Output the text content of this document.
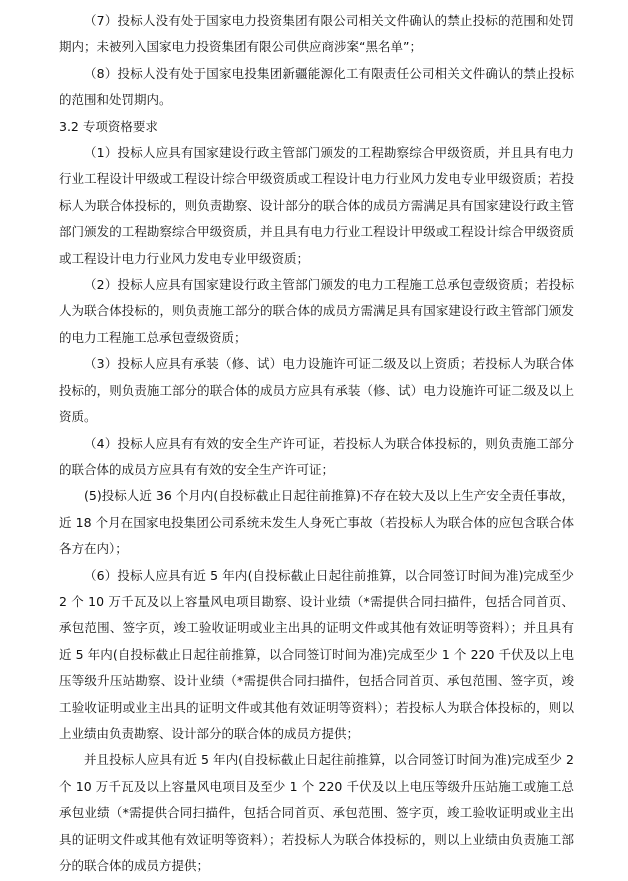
（7）投标人没有处于国家电力投资集团有限公司相关文件确认的禁止投标的范围和处罚期内；未被列入国家电力投资集团有限公司供应商涉案“黑名单”；

（8）投标人没有处于国家电投集团新疆能源化工有限责任公司相关文件确认的禁止投标的范围和处罚期内。

3.2 专项资格要求

（1）投标人应具有国家建设行政主管部门颁发的工程勘察综合甲级资质，并且具有电力行业工程设计甲级或工程设计综合甲级资质或工程设计电力行业风力发电专业甲级资质；若投标人为联合体投标的，则负责勘察、设计部分的联合体的成员方需满足具有国家建设行政主管部门颁发的工程勘察综合甲级资质，并且具有电力行业工程设计甲级或工程设计综合甲级资质或工程设计电力行业风力发电专业甲级资质；

（2）投标人应具有国家建设行政主管部门颁发的电力工程施工总承包壹级资质；若投标人为联合体投标的，则负责施工部分的联合体的成员方需满足具有国家建设行政主管部门颁发的电力工程施工总承包壹级资质；

（3）投标人应具有承装（修、试）电力设施许可证二级及以上资质；若投标人为联合体投标的，则负责施工部分的联合体的成员方应具有承装（修、试）电力设施许可证二级及以上资质。

（4）投标人应具有有效的安全生产许可证，若投标人为联合体投标的，则负责施工部分的联合体的成员方应具有有效的安全生产许可证；

(5)投标人近 36 个月内(自投标截止日起往前推算)不存在较大及以上生产安全责任事故，近 18 个月在国家电投集团公司系统未发生人身死亡事故（若投标人为联合体的应包含联合体各方在内）；

（6）投标人应具有近 5 年内(自投标截止日起往前推算，以合同签订时间为准)完成至少 2 个 10 万千瓦及以上容量风电项目勘察、设计业绩（*需提供合同扫描件，包括合同首页、承包范围、签字页，竣工验收证明或业主出具的证明文件或其他有效证明等资料）；并且具有近 5 年内(自投标截止日起往前推算，以合同签订时间为准)完成至少 1 个 220 千伏及以上电压等级升压站勘察、设计业绩（*需提供合同扫描件，包括合同首页、承包范围、签字页，竣工验收证明或业主出具的证明文件或其他有效证明等资料）；若投标人为联合体投标的，则以上业绩由负责勘察、设计部分的联合体的成员方提供；

并且投标人应具有近 5 年内(自投标截止日起往前推算，以合同签订时间为准)完成至少 2 个 10 万千瓦及以上容量风电项目及至少 1 个 220 千伏及以上电压等级升压站施工或施工总承包业绩（*需提供合同扫描件，包括合同首页、承包范围、签字页，竣工验收证明或业主出具的证明文件或其他有效证明等资料）；若投标人为联合体投标的，则以上业绩由负责施工部分的联合体的成员方提供；
